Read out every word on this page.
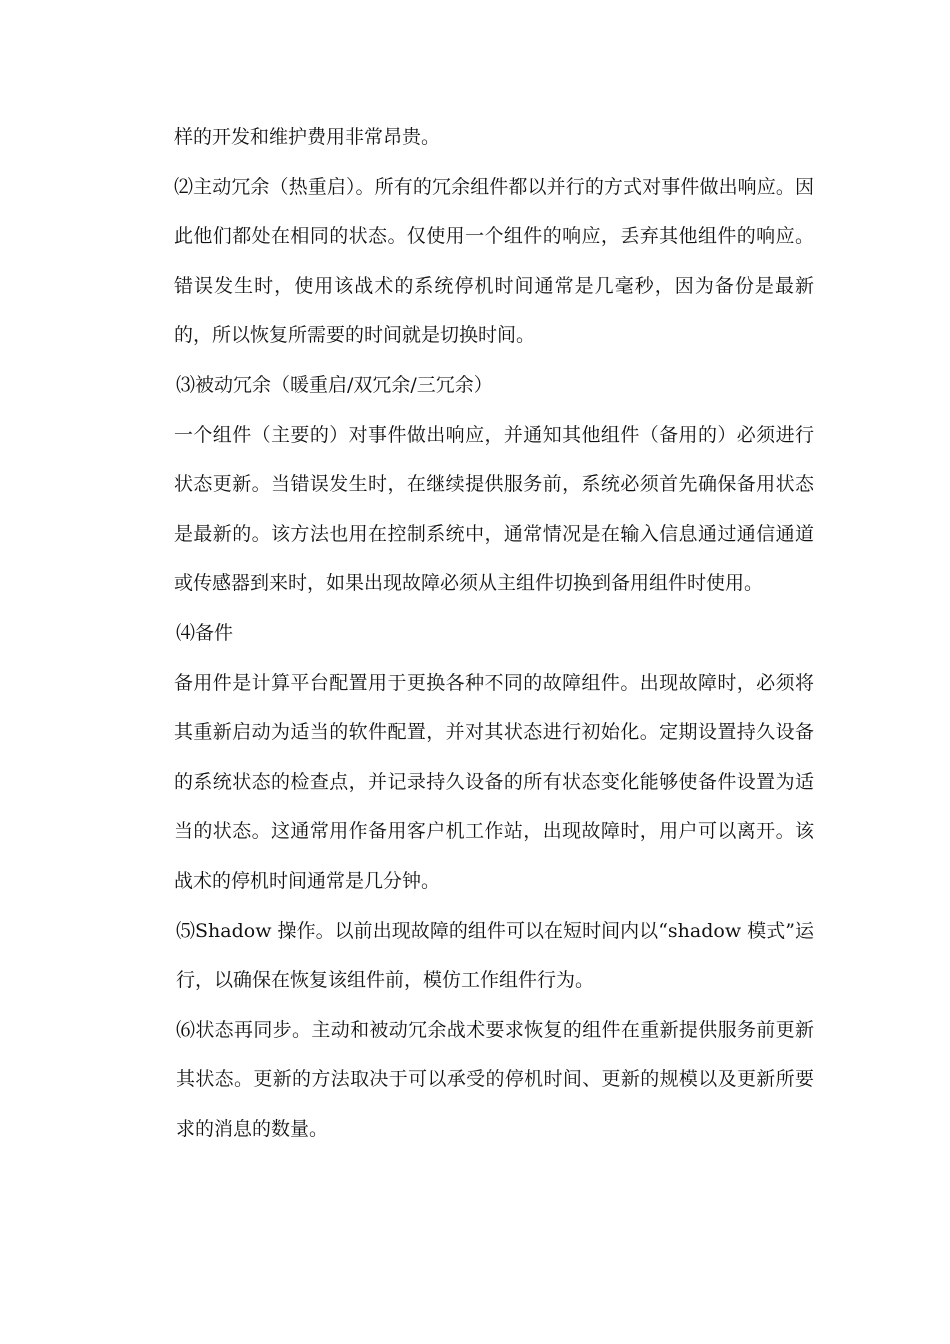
样的开发和维护费用非常昂贵。

⑵主动冗余（热重启）。所有的冗余组件都以并行的方式对事件做出响应。因此他们都处在相同的状态。仅使用一个组件的响应，丢弃其他组件的响应。错误发生时，使用该战术的系统停机时间通常是几毫秒，因为备份是最新的，所以恢复所需要的时间就是切换时间。

⑶被动冗余（暖重启/双冗余/三冗余）

一个组件（主要的）对事件做出响应，并通知其他组件（备用的）必须进行状态更新。当错误发生时，在继续提供服务前，系统必须首先确保备用状态是最新的。该方法也用在控制系统中，通常情况是在输入信息通过通信通道或传感器到来时，如果出现故障必须从主组件切换到备用组件时使用。

⑷备件

备用件是计算平台配置用于更换各种不同的故障组件。出现故障时，必须将其重新启动为适当的软件配置，并对其状态进行初始化。定期设置持久设备的系统状态的检查点，并记录持久设备的所有状态变化能够使备件设置为适当的状态。这通常用作备用客户机工作站，出现故障时，用户可以离开。该战术的停机时间通常是几分钟。

⑸Shadow 操作。以前出现故障的组件可以在短时间内以“shadow 模式”运行，以确保在恢复该组件前，模仿工作组件行为。

⑹状态再同步。主动和被动冗余战术要求恢复的组件在重新提供服务前更新其状态。更新的方法取决于可以承受的停机时间、更新的规模以及更新所要求的消息的数量。
